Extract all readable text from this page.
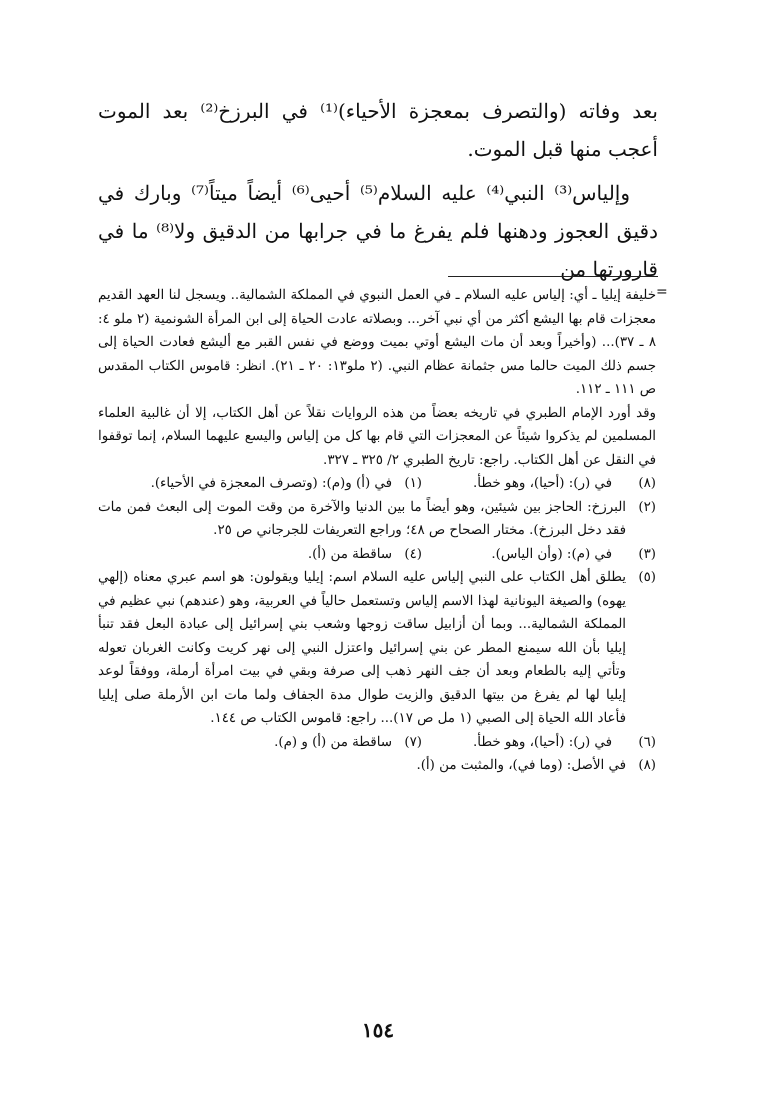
بعد وفاته (والتصرف بمعجزة الأحياء)⁽¹⁾ في البرزخ⁽²⁾ بعد الموت أعجب منها قبل الموت.

وإلياس⁽³⁾ النبي⁽⁴⁾ عليه السلام⁽⁵⁾ أحيى⁽⁶⁾ أيضاً ميتاً⁽⁷⁾ وبارك في دقيق العجوز ودهنها فلم يفرغ ما في جرابها من الدقيق ولا⁽⁸⁾ ما في قارورتها من

=

خليفة إيليا ـ أي: إلياس عليه السلام ـ في العمل النبوي في المملكة الشمالية.. ويسجل لنا العهد القديم معجزات قام بها اليشع أكثر من أي نبي آخر... وبصلاته عادت الحياة إلى ابن المرأة الشونمية (٢ ملو ٤: ٨ ـ ٣٧)... (وأخيراً وبعد أن مات اليشع أوتي بميت ووضع في نفس القبر مع أليشع فعادت الحياة إلى جسم ذلك الميت حالما مس جثمانة عظام النبي. (٢ ملو١٣: ٢٠ ـ ٢١). انظر: قاموس الكتاب المقدس ص ١١١ ـ ١١٢.

وقد أورد الإمام الطبري في تاريخه بعضاً من هذه الروايات نقلاً عن أهل الكتاب، إلا أن غالبية العلماء المسلمين لم يذكروا شيئاً عن المعجزات التي قام بها كل من إلياس واليسع عليهما السلام، إنما توقفوا في النقل عن أهل الكتاب. راجع: تاريخ الطبري ٢/ ٣٢٥ ـ ٣٢٧.

(٨)
في (ر): (أحيا)، وهو خطأ.
(١)
في (أ) و(م): (وتصرف المعجزة في الأحياء).
(٢)
البرزخ: الحاجز بين شيئين، وهو أيضاً ما بين الدنيا والآخرة من وقت الموت إلى البعث فمن مات فقد دخل البرزخ). مختار الصحاح ص ٤٨؛ وراجع التعريفات للجرجاني ص ٢٥.
(٣)
في (م): (وأن الياس).
(٤)
ساقطة من (أ).
(٥)
يطلق أهل الكتاب على النبي إلياس عليه السلام اسم: إيليا ويقولون: هو اسم عبري معناه (إلهي يهوه) والصيغة اليونانية لهذا الاسم إلياس وتستعمل حالياً في العربية، وهو (عندهم) نبي عظيم في المملكة الشمالية... وبما أن أزابيل ساقت زوجها وشعب بني إسرائيل إلى عبادة البعل فقد تنبأ إيليا بأن الله سيمنع المطر عن بني إسرائيل واعتزل النبي إلى نهر كريت وكانت الغربان تعوله وتأتي إليه بالطعام وبعد أن جف النهر ذهب إلى صرفة وبقي في بيت امرأة أرملة، ووفقاً لوعد إيليا لها لم يفرغ من بيتها الدقيق والزيت طوال مدة الجفاف ولما مات ابن الأرملة صلى إيليا فأعاد الله الحياة إلى الصبي (١ مل ص ١٧)... راجع: قاموس الكتاب ص ١٤٤.
(٦)
في (ر): (أحيا)، وهو خطأ.
(٧)
ساقطة من (أ) و (م).
(٨)
في الأصل: (وما في)، والمثبت من (أ).
١٥٤
